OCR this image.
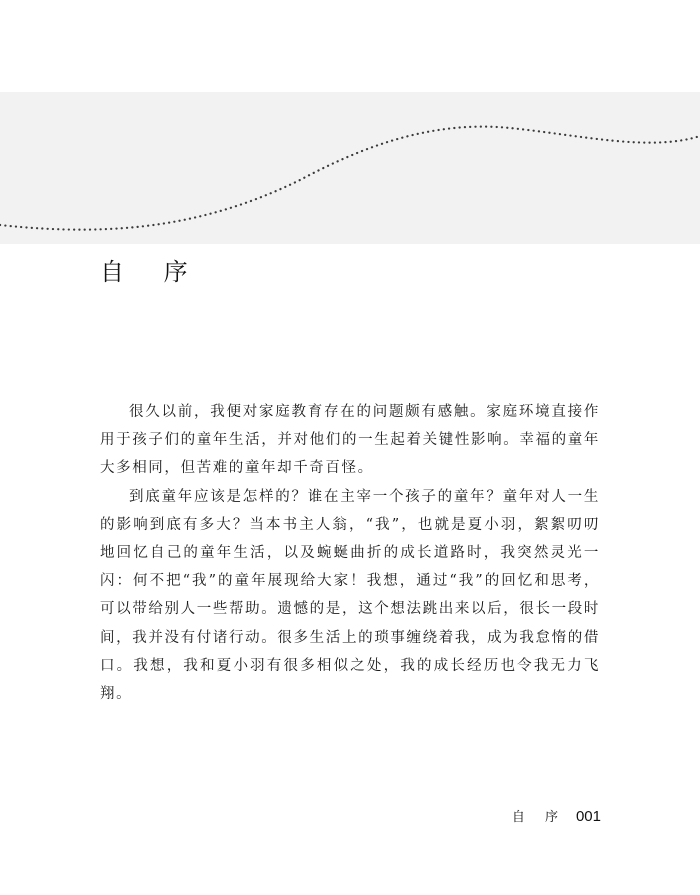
自 序

很久以前，我便对家庭教育存在的问题颇有感触。家庭环境直接作用于孩子们的童年生活，并对他们的一生起着关键性影响。幸福的童年大多相同，但苦难的童年却千奇百怪。

到底童年应该是怎样的？谁在主宰一个孩子的童年？童年对人一生的影响到底有多大？当本书主人翁，“我”，也就是夏小羽，絮絮叨叨地回忆自己的童年生活，以及蜿蜒曲折的成长道路时，我突然灵光一闪：何不把“我”的童年展现给大家！我想，通过“我”的回忆和思考，可以带给别人一些帮助。遗憾的是，这个想法跳出来以后，很长一段时间，我并没有付诸行动。很多生活上的琐事缠绕着我，成为我怠惰的借口。我想，我和夏小羽有很多相似之处，我的成长经历也令我无力飞翔。

自 序 001
